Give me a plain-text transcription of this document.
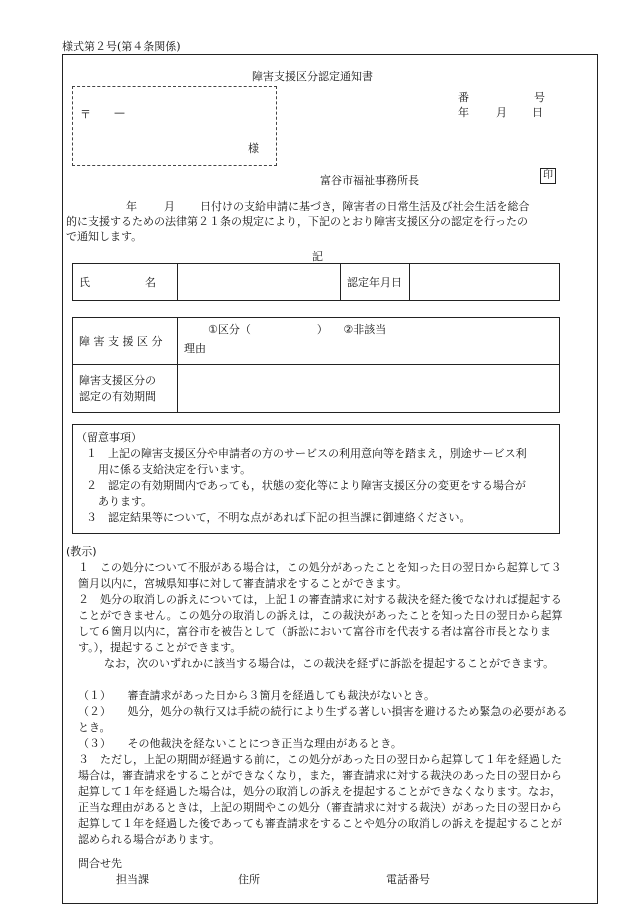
様式第２号(第４条関係)
障害支援区分認定通知書
番	号
年 月 日
〒 —
様
富谷市福祉事務所長	印
年 月 日付けの支給申請に基づき，障害者の日常生活及び社会生活を総合
的に支援するための法律第２１条の規定により，下記のとおり障害支援区分の認定を行ったの
で通知します。
記
氏　　　　　名		認定年月日	
障 害 支 援 区 分	①区分（　　　　　　） ②非該当
	理由

障害支援区分の
認定の有効期間	

（留意事項）
１　上記の障害支援区分や申請者の方のサービスの利用意向等を踏まえ，別途サービス利
用に係る支給決定を行います。
２　認定の有効期間内であっても，状態の変化等により障害支援区分の変更をする場合が
あります。
３　認定結果等について，不明な点があれば下記の担当課に御連絡ください。
(教示)
１　この処分について不服がある場合は，この処分があったことを知った日の翌日から起算して３箇月以内に，宮城県知事に対して審査請求をすることができます。
２　処分の取消しの訴えについては，上記１の審査請求に対する裁決を経た後でなければ提起することができません。この処分の取消しの訴えは，この裁決があったことを知った日の翌日から起算して６箇月以内に，富谷市を被告として（訴訟において富谷市を代表する者は富谷市長となります。），提起することができます。
なお，次のいずれかに該当する場合は，この裁決を経ずに訴訟を提起することができます。
（１）　　審査請求があった日から３箇月を経過しても裁決がないとき。
（２）　　処分，処分の執行又は手続の続行により生ずる著しい損害を避けるため緊急の必要があるとき。
（３）　　その他裁決を経ないことにつき正当な理由があるとき。
３　ただし，上記の期間が経過する前に，この処分があった日の翌日から起算して１年を経過した場合は，審査請求をすることができなくなり，また，審査請求に対する裁決のあった日の翌日から起算して１年を経過した場合は，処分の取消しの訴えを提起することができなくなります。なお，正当な理由があるときは，上記の期間やこの処分（審査請求に対する裁決）があった日の翌日から起算して１年を経過した後であっても審査請求をすることや処分の取消しの訴えを提起することが認められる場合があります。
問合せ先
担当課	住所	電話番号
